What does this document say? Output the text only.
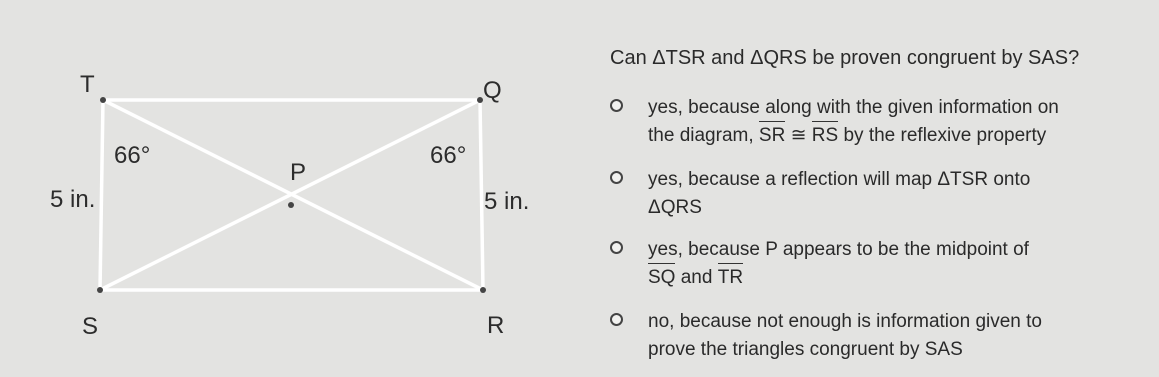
T	Q
P
S	R
66°	66°
5 in.	5 in.
Can ΔTSR and ΔQRS be proven congruent by SAS?
yes, because along with the given information on
the diagram, SR ≅ RS by the reflexive property
yes, because a reflection will map ΔTSR onto
ΔQRS
yes, because P appears to be the midpoint of
SQ and TR
no, because not enough is information given to
prove the triangles congruent by SAS
